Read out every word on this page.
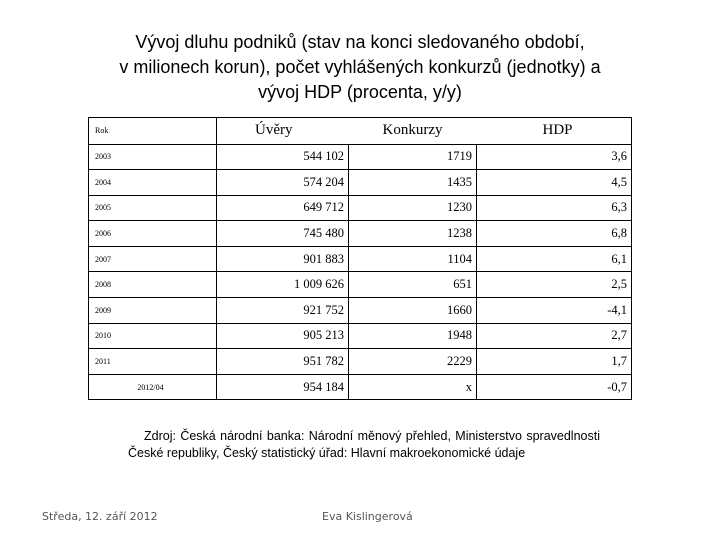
Vývoj dluhu podniků (stav na konci sledovaného období,
v milionech korun), počet vyhlášených konkurzů (jednotky) a
vývoj HDP (procenta, y/y)
Rok	Úvěry	Konkurzy	HDP
2003	544 102	1719	3,6
2004	574 204	1435	4,5
2005	649 712	1230	6,3
2006	745 480	1238	6,8
2007	901 883	1104	6,1
2008	1 009 626	651	2,5
2009	921 752	1660	-4,1
2010	905 213	1948	2,7
2011	951 782	2229	1,7
2012/04	954 184	x	-0,7
Zdroj: Česká národní banka: Národní měnový přehled, Ministerstvo spravedlnosti České republiky, Český statistický úřad: Hlavní makroekonomické údaje
Středa, 12. září 2012	Eva Kislingerová
